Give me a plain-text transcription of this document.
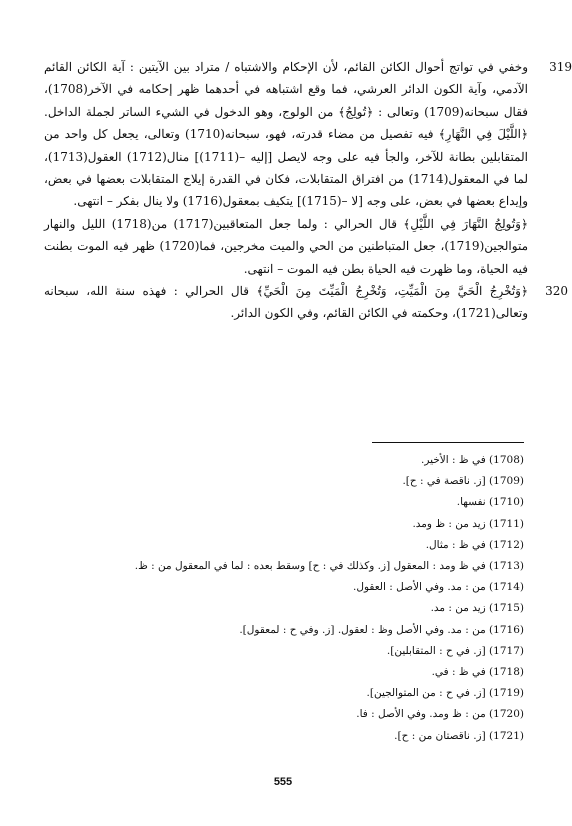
319
وخفي في تواتج أحوال الكائن القائم، لأن الإحكام والاشتباه / متراد بين الآيتين : آية الكائن القائم الآدمي، وآية الكون الدائر العرشي، فما وقع اشتباهه في أحدهما ظهر إحكامه في الآخر(1708)، فقال سبحانه(1709) وتعالى : ﴿تُولِجُ﴾ من الولوج، وهو الدخول في الشيء الساتر لجملة الداخل. ﴿اللَّيْلَ فِي النَّهَارِ﴾ فيه تفصيل من مضاء قدرته، فهو، سبحانه(1710) وتعالى، يجعل كل واحد من المتقابلين بطانة للآخر، والجأ فيه على وجه لايصل [إليه –(1711)] منال(1712) العقول(1713)، لما في المعقول(1714) من افتراق المتقابلات، فكان في القدرة إيلاج المتقابلات بعضها في بعض، وإيداع بعضها في بعض، على وجه [لا –(1715)] يتكيف بمعقول(1716) ولا ينال بفكر – انتهى.
﴿وَتُولِجُ النَّهَارَ فِي اللَّيْلِ﴾ قال الحرالي : ولما جعل المتعاقبين(1717) من(1718) الليل والنهار متوالجين(1719)، جعل المتباطنين من الحي والميت مخرجين، فما(1720) ظهر فيه الموت بطنت فيه الحياة، وما ظهرت فيه الحياة بطن فيه الموت – انتهى.
320
﴿وَتُخْرِجُ الْحَيَّ مِنَ الْمَيِّتِ، وَتُخْرِجُ الْمَيِّتَ مِنَ الْحَيِّ﴾ قال الحرالي : فهذه سنة الله، سبحانه وتعالى(1721)، وحكمته في الكائن القائم، وفي الكون الدائر.
(1708) في ظ : الأخير.
(1709) [ز. ناقصة في : ح].
(1710) نفسها.
(1711) زيد من : ظ ومد.
(1712) في ظ : مثال.
(1713) في ظ ومد : المعقول [ز. وكذلك في : ح] وسقط بعده : لما في المعقول من : ظ.
(1714) من : مد. وفي الأصل : العقول.
(1715) زيد من : مد.
(1716) من : مد. وفي الأصل وظ : لعقول. [ز. وفي ح : لمعقول].
(1717) [ز. في ح : المتقابلين].
(1718) في ظ : في.
(1719) [ز. في ح : من المتوالجين].
(1720) من : ظ ومد. وفي الأصل : فا.
(1721) [ز. ناقصتان من : ح].
555
